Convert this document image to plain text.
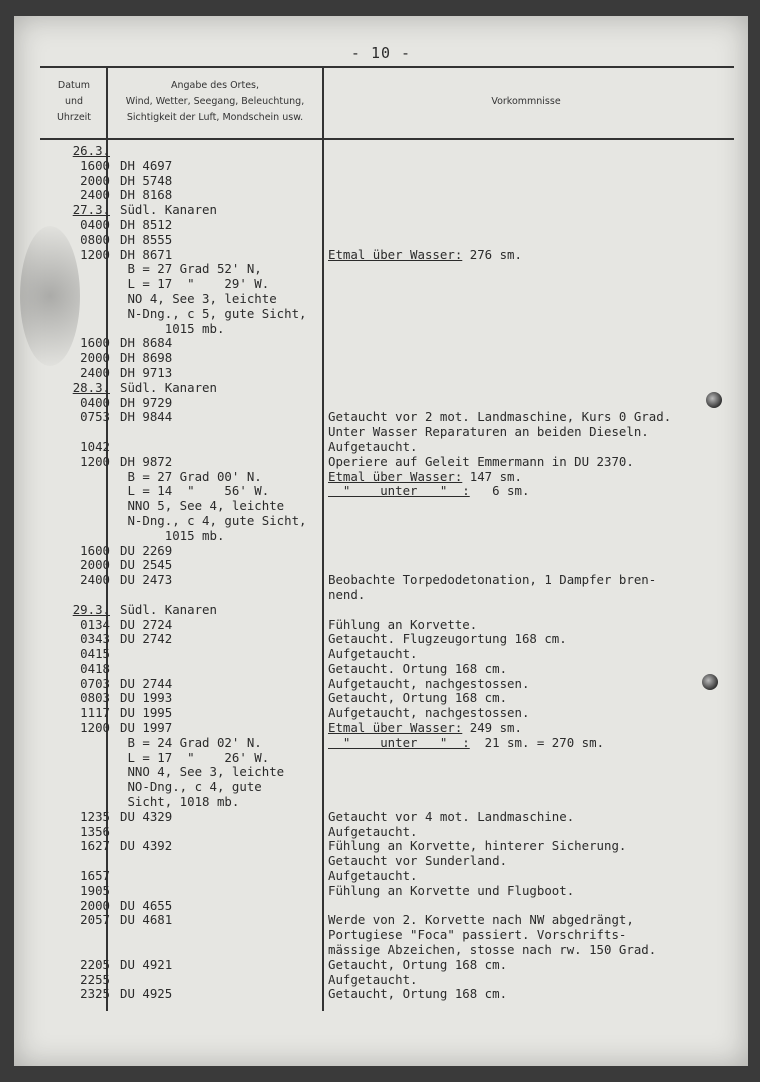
- 10 -
Datum
und
Uhrzeit
Angabe des Ortes,
Wind, Wetter, Seegang, Beleuchtung,
Sichtigkeit der Luft, Mondschein usw.
Vorkommnisse
26.3.
1600 DH 4697
2000 DH 5748
2400 DH 8168
27.3. Südl. Kanaren
0400 DH 8512
0800 DH 8555
1200 DH 8671	Etmal über Wasser: 276 sm.
B = 27 Grad 52' N,
L = 17  "    29' W.
NO 4, See 3, leichte
N-Dng., c 5, gute Sicht,
1015 mb.
1600 DH 8684
2000 DH 8698
2400 DH 9713
28.3. Südl. Kanaren
0400 DH 9729
0753 DH 9844	Getaucht vor 2 mot. Landmaschine, Kurs 0 Grad.
Unter Wasser Reparaturen an beiden Dieseln.
1042	Aufgetaucht.
1200 DH 9872	Operiere auf Geleit Emmermann in DU 2370.
B = 27 Grad 00' N.	Etmal über Wasser: 147 sm.
L = 14  "    56' W.	"    unter   "  :   6 sm.
NNO 5, See 4, leichte
N-Dng., c 4, gute Sicht,
1015 mb.
1600 DU 2269
2000 DU 2545
2400 DU 2473	Beobachte Torpedodetonation, 1 Dampfer bren-
nend.
29.3. Südl. Kanaren
0134 DU 2724	Fühlung an Korvette.
0343 DU 2742	Getaucht. Flugzeugortung 168 cm.
0415	Aufgetaucht.
0418	Getaucht. Ortung 168 cm.
0703 DU 2744	Aufgetaucht, nachgestossen.
0803 DU 1993	Getaucht, Ortung 168 cm.
1117 DU 1995	Aufgetaucht, nachgestossen.
1200 DU 1997	Etmal über Wasser: 249 sm.
B = 24 Grad 02' N.	"    unter   "  :  21 sm. = 270 sm.
L = 17  "    26' W.
NNO 4, See 3, leichte
NO-Dng., c 4, gute
Sicht, 1018 mb.
1235 DU 4329	Getaucht vor 4 mot. Landmaschine.
1356	Aufgetaucht.
1627 DU 4392	Fühlung an Korvette, hinterer Sicherung.
Getaucht vor Sunderland.
1657	Aufgetaucht.
1905	Fühlung an Korvette und Flugboot.
2000 DU 4655
2057 DU 4681	Werde von 2. Korvette nach NW abgedrängt,
Portugiese "Foca" passiert. Vorschrifts-
mässige Abzeichen, stosse nach rw. 150 Grad.
2205 DU 4921	Getaucht, Ortung 168 cm.
2255	Aufgetaucht.
2325 DU 4925	Getaucht, Ortung 168 cm.
